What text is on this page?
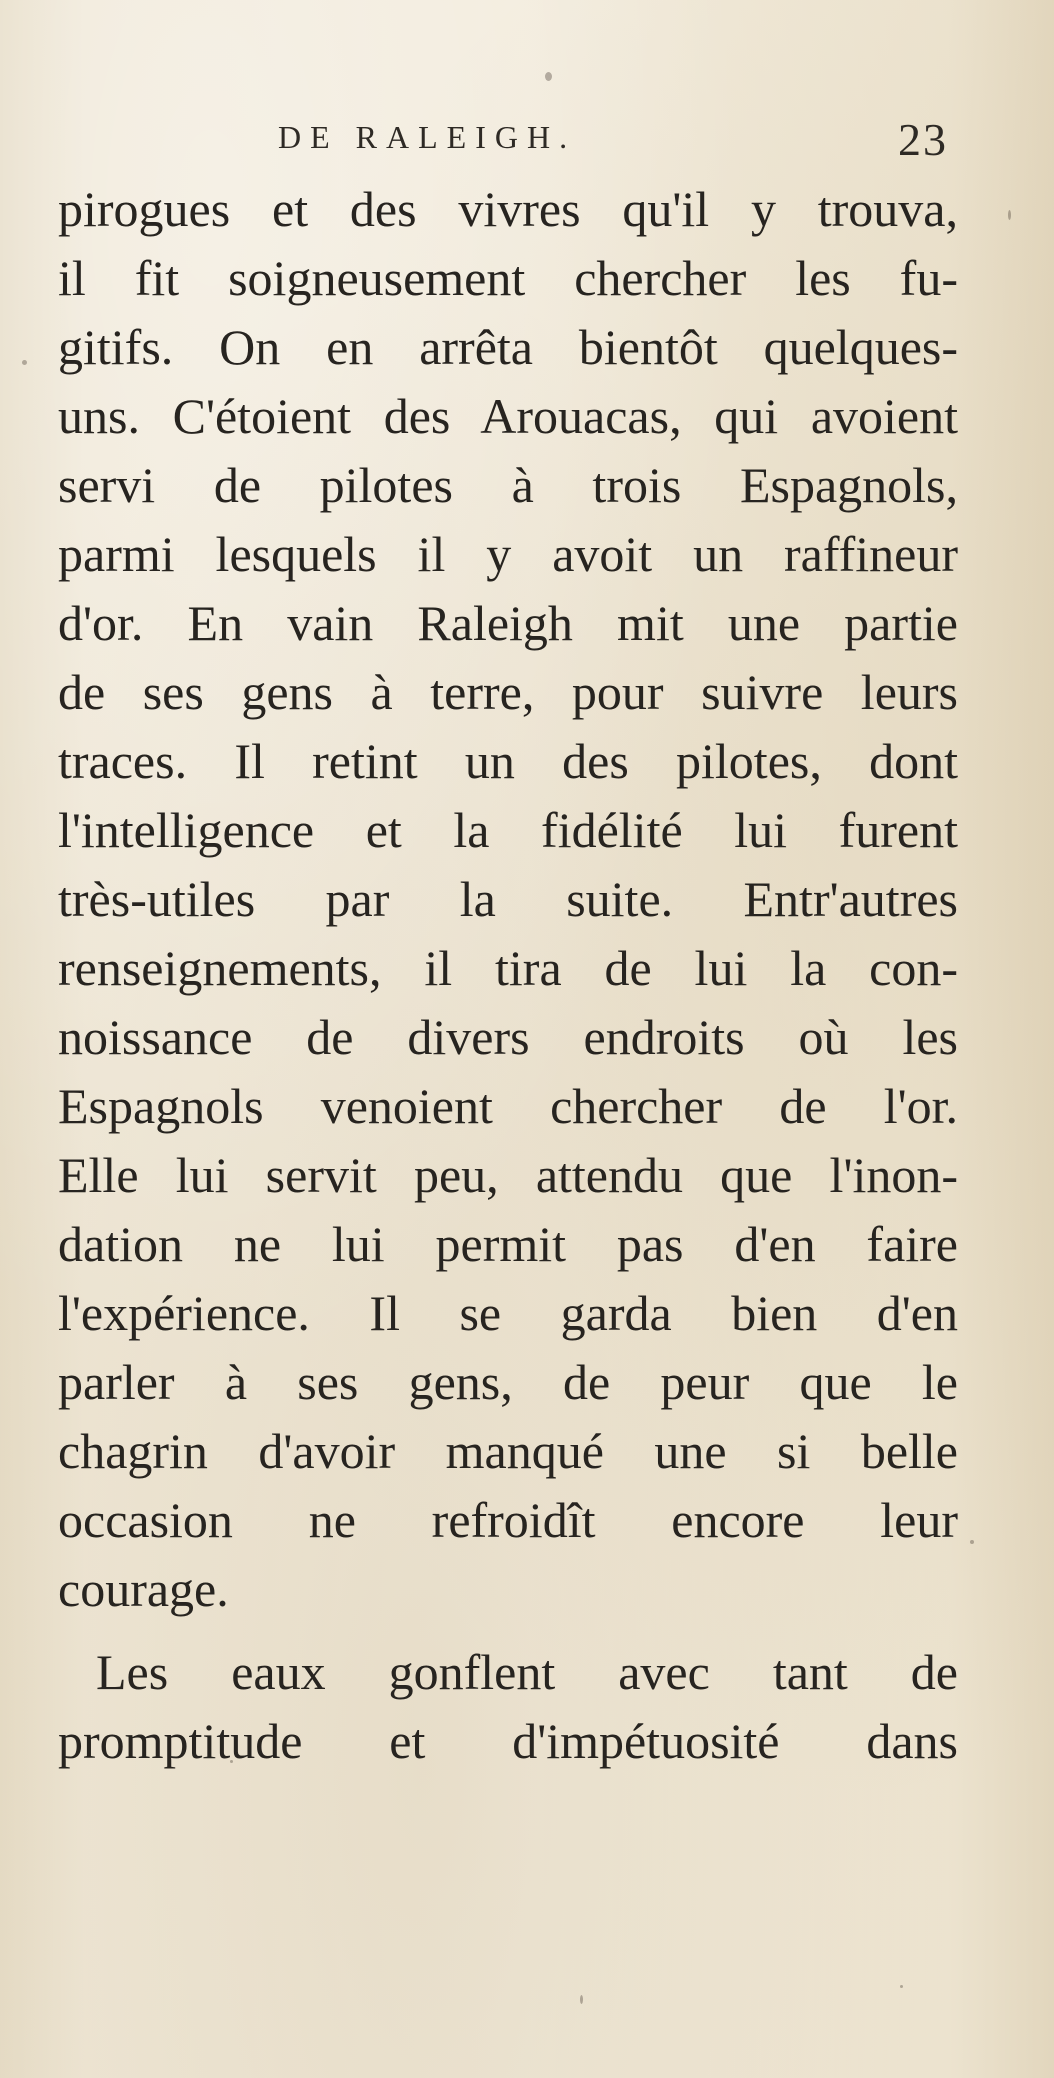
DE RALEIGH.	23
pirogues et des vivres qu'il y trouva,
il fit soigneusement chercher les fu-
gitifs. On en arrêta bientôt quelques-
uns. C'étoient des Arouacas, qui avoient
servi de pilotes à trois Espagnols,
parmi lesquels il y avoit un raffineur
d'or. En vain Raleigh mit une partie
de ses gens à terre, pour suivre leurs
traces. Il retint un des pilotes, dont
l'intelligence et la fidélité lui furent
très-utiles par la suite. Entr'autres
renseignements, il tira de lui la con-
noissance de divers endroits où les
Espagnols venoient chercher de l'or.
Elle lui servit peu, attendu que l'inon-
dation ne lui permit pas d'en faire
l'expérience. Il se garda bien d'en
parler à ses gens, de peur que le
chagrin d'avoir manqué une si belle
occasion ne refroidît encore leur
courage.
Les eaux gonflent avec tant de
promptitude et d'impétuosité dans
